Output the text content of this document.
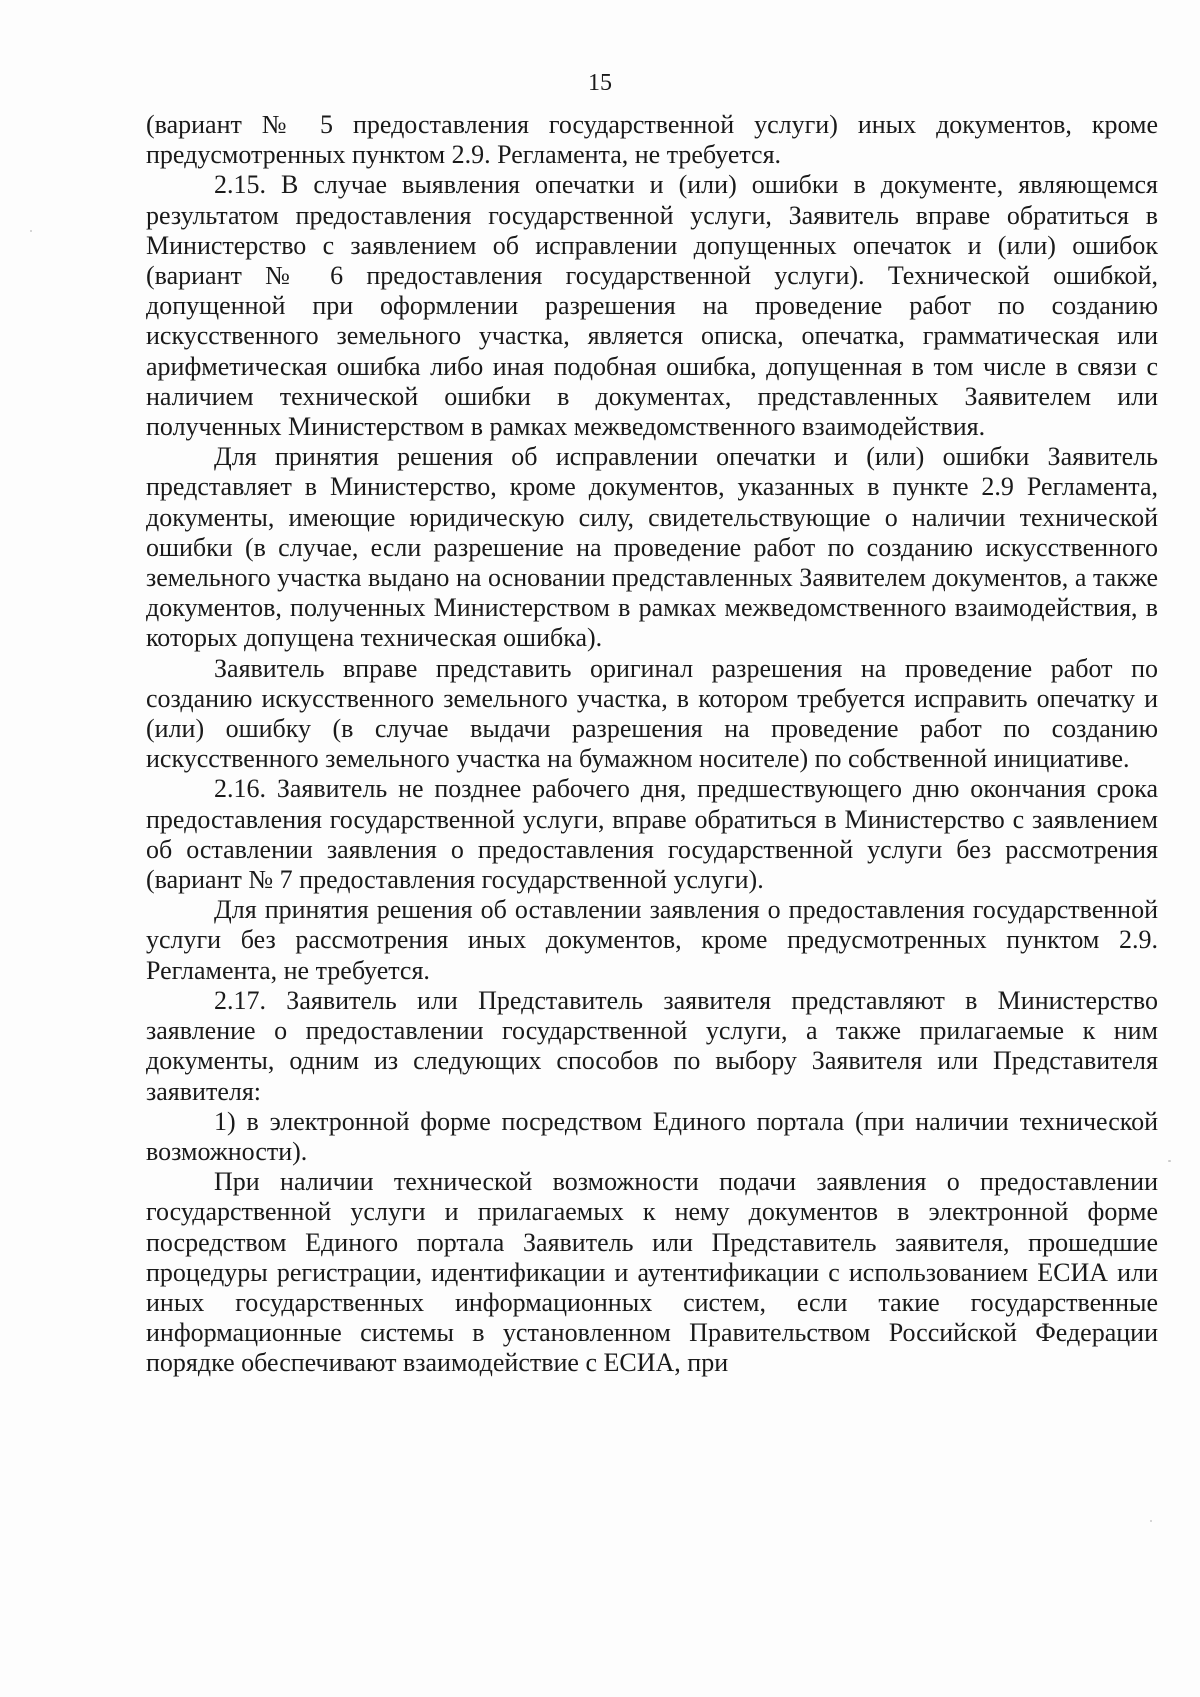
15

(вариант № 5 предоставления государственной услуги) иных документов, кроме предусмотренных пунктом 2.9. Регламента, не требуется.

2.15. В случае выявления опечатки и (или) ошибки в документе, являющемся результатом предоставления государственной услуги, Заявитель вправе обратиться в Министерство с заявлением об исправлении допущенных опечаток и (или) ошибок (вариант № 6 предоставления государственной услуги). Технической ошибкой, допущенной при оформлении разрешения на проведение работ по созданию искусственного земельного участка, является описка, опечатка, грамматическая или арифметическая ошибка либо иная подобная ошибка, допущенная в том числе в связи с наличием технической ошибки в документах, представленных Заявителем или полученных Министерством в рамках межведомственного взаимодействия.

Для принятия решения об исправлении опечатки и (или) ошибки Заявитель представляет в Министерство, кроме документов, указанных в пункте 2.9 Регламента, документы, имеющие юридическую силу, свидетельствующие о наличии технической ошибки (в случае, если разрешение на проведение работ по созданию искусственного земельного участка выдано на основании представленных Заявителем документов, а также документов, полученных Министерством в рамках межведомственного взаимодействия, в которых допущена техническая ошибка).

Заявитель вправе представить оригинал разрешения на проведение работ по созданию искусственного земельного участка, в котором требуется исправить опечатку и (или) ошибку (в случае выдачи разрешения на проведение работ по созданию искусственного земельного участка на бумажном носителе) по собственной инициативе.

2.16. Заявитель не позднее рабочего дня, предшествующего дню окончания срока предоставления государственной услуги, вправе обратиться в Министерство с заявлением об оставлении заявления о предоставления государственной услуги без рассмотрения (вариант № 7 предоставления государственной услуги).

Для принятия решения об оставлении заявления о предоставления государственной услуги без рассмотрения иных документов, кроме предусмотренных пунктом 2.9. Регламента, не требуется.

2.17. Заявитель или Представитель заявителя представляют в Министерство заявление о предоставлении государственной услуги, а также прилагаемые к ним документы, одним из следующих способов по выбору Заявителя или Представителя заявителя:

1) в электронной форме посредством Единого портала (при наличии технической возможности).

При наличии технической возможности подачи заявления о предоставлении государственной услуги и прилагаемых к нему документов в электронной форме посредством Единого портала Заявитель или Представитель заявителя, прошедшие процедуры регистрации, идентификации и аутентификации с использованием ЕСИА или иных государственных информационных систем, если такие государственные информационные системы в установленном Правительством Российской Федерации порядке обеспечивают взаимодействие с ЕСИА, при
